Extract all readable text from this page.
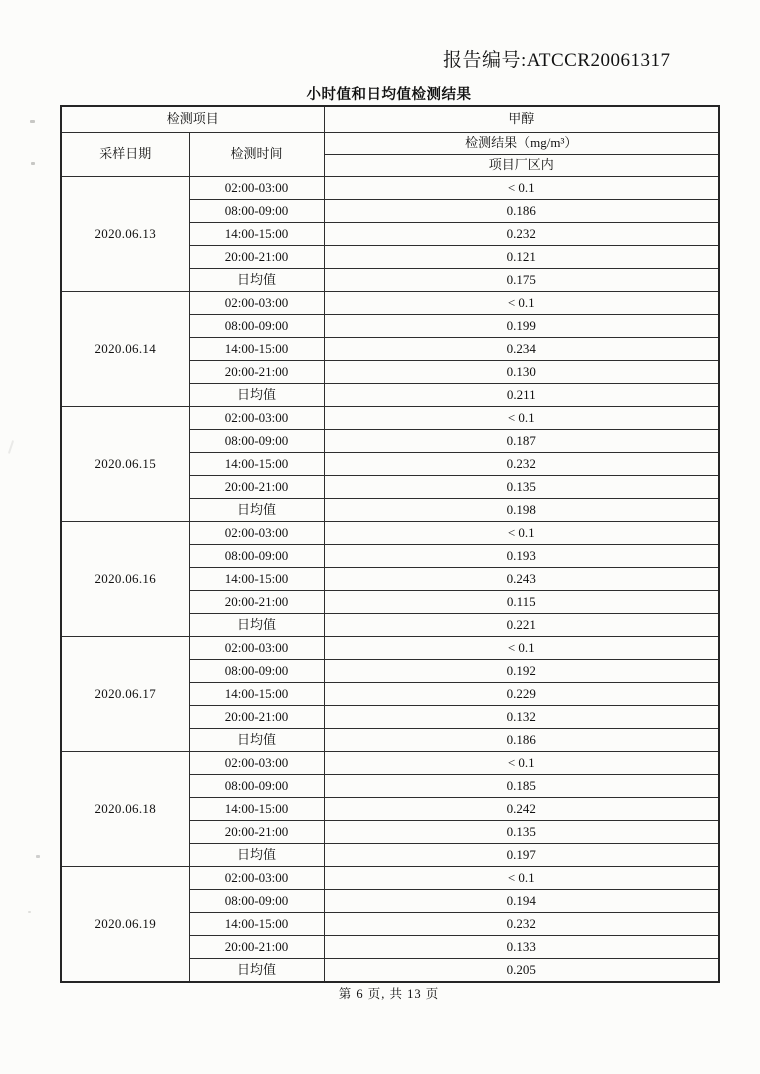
报告编号:ATCCR20061317
小时值和日均值检测结果
检测项目		甲醇
采样日期	检测时间	检测结果（mg/m³）
		项目厂区内
2020.06.13	02:00-03:00	< 0.1
	08:00-09:00	0.186
	14:00-15:00	0.232
	20:00-21:00	0.121
	日均值	0.175
2020.06.14	02:00-03:00	< 0.1
	08:00-09:00	0.199
	14:00-15:00	0.234
	20:00-21:00	0.130
	日均值	0.211
2020.06.15	02:00-03:00	< 0.1
	08:00-09:00	0.187
	14:00-15:00	0.232
	20:00-21:00	0.135
	日均值	0.198
2020.06.16	02:00-03:00	< 0.1
	08:00-09:00	0.193
	14:00-15:00	0.243
	20:00-21:00	0.115
	日均值	0.221
2020.06.17	02:00-03:00	< 0.1
	08:00-09:00	0.192
	14:00-15:00	0.229
	20:00-21:00	0.132
	日均值	0.186
2020.06.18	02:00-03:00	< 0.1
	08:00-09:00	0.185
	14:00-15:00	0.242
	20:00-21:00	0.135
	日均值	0.197
2020.06.19	02:00-03:00	< 0.1
	08:00-09:00	0.194
	14:00-15:00	0.232
	20:00-21:00	0.133
	日均值	0.205
第 6 页, 共 13 页
